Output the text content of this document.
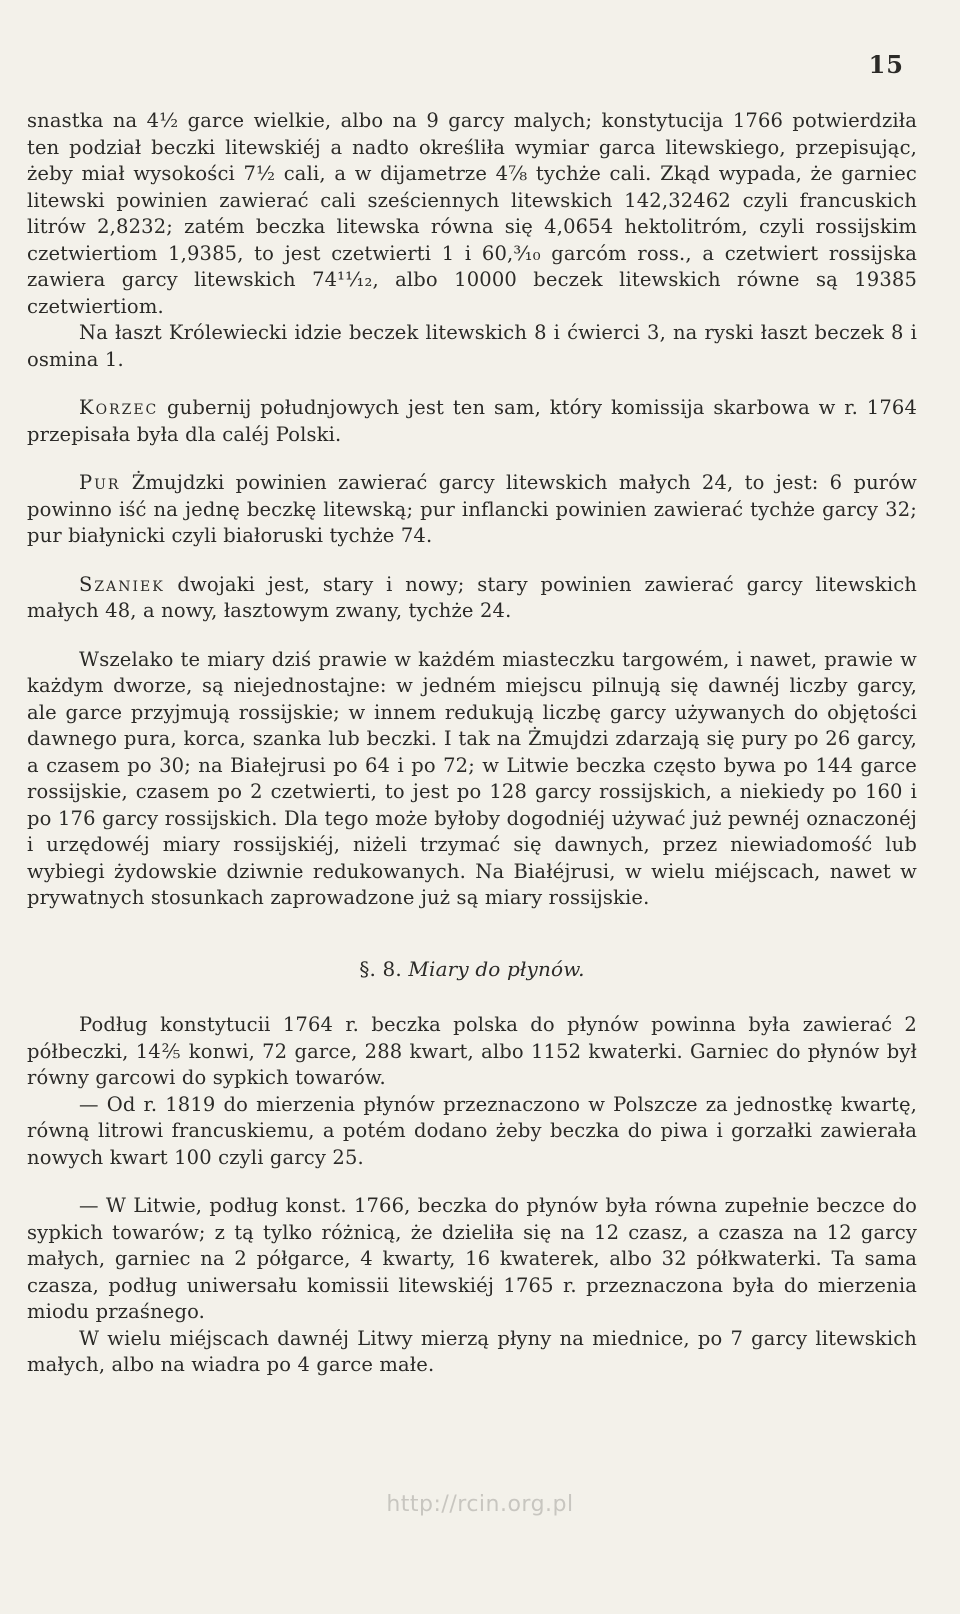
15

snastka na 4½ garce wielkie, albo na 9 garcy malych; konstytucija 1766 potwierdziła ten podział beczki litewskiéj a nadto określiła wymiar garca litewskiego, przepisując, żeby miał wysokości 7½ cali, a w dijametrze 4⅞ tychże cali. Zkąd wypada, że garniec litewski powinien zawierać cali sześciennych litewskich 142,32462 czyli francuskich litrów 2,8232; zatém beczka litewska równa się 4,0654 hektolitróm, czyli rossijskim czetwiertiom 1,9385, to jest czetwierti 1 i 60,³⁄₁₀ garcóm ross., a czetwiert rossijska zawiera garcy litewskich 74¹¹⁄₁₂, albo 10000 beczek litewskich równe są 19385 czetwiertiom.

Na łaszt Królewiecki idzie beczek litewskich 8 i ćwierci 3, na ryski łaszt beczek 8 i osmina 1.

Korzec gubernij połudnjowych jest ten sam, który komissija skarbowa w r. 1764 przepisała była dla caléj Polski.

Pur Żmujdzki powinien zawierać garcy litewskich małych 24, to jest: 6 purów powinno iść na jednę beczkę litewską; pur inflancki powinien zawierać tychże garcy 32; pur białynicki czyli białoruski tychże 74.

Szaniek dwojaki jest, stary i nowy; stary powinien zawierać garcy litewskich małych 48, a nowy, łasztowym zwany, tychże 24.

Wszelako te miary dziś prawie w każdém miasteczku targowém, i nawet, prawie w każdym dworze, są niejednostajne: w jedném miejscu pilnują się dawnéj liczby garcy, ale garce przyjmują rossijskie; w innem redukują liczbę garcy używanych do objętości dawnego pura, korca, szanka lub beczki. I tak na Żmujdzi zdarzają się pury po 26 garcy, a czasem po 30; na Białejrusi po 64 i po 72; w Litwie beczka często bywa po 144 garce rossijskie, czasem po 2 czetwierti, to jest po 128 garcy rossijskich, a niekiedy po 160 i po 176 garcy rossijskich. Dla tego może byłoby dogodniéj używać już pewnéj oznaczonéj i urzędowéj miary rossijskiéj, niżeli trzymać się dawnych, przez niewiadomość lub wybiegi żydowskie dziwnie redukowanych. Na Białéjrusi, w wielu miéjscach, nawet w prywatnych stosunkach zaprowadzone już są miary rossijskie.

§. 8. Miary do płynów.

Podług konstytucii 1764 r. beczka polska do płynów powinna była zawierać 2 półbeczki, 14⅖ konwi, 72 garce, 288 kwart, albo 1152 kwaterki. Garniec do płynów był równy garcowi do sypkich towarów.

— Od r. 1819 do mierzenia płynów przeznaczono w Polszcze za jednostkę kwartę, równą litrowi francuskiemu, a potém dodano żeby beczka do piwa i gorzałki zawierała nowych kwart 100 czyli garcy 25.

— W Litwie, podług konst. 1766, beczka do płynów była równa zupełnie beczce do sypkich towarów; z tą tylko różnicą, że dzieliła się na 12 czasz, a czasza na 12 garcy małych, garniec na 2 półgarce, 4 kwarty, 16 kwaterek, albo 32 półkwaterki. Ta sama czasza, podług uniwersału komissii litewskiéj 1765 r. przeznaczona była do mierzenia miodu przaśnego.

W wielu miéjscach dawnéj Litwy mierzą płyny na miednice, po 7 garcy litewskich małych, albo na wiadra po 4 garce małe.

http://rcin.org.pl
